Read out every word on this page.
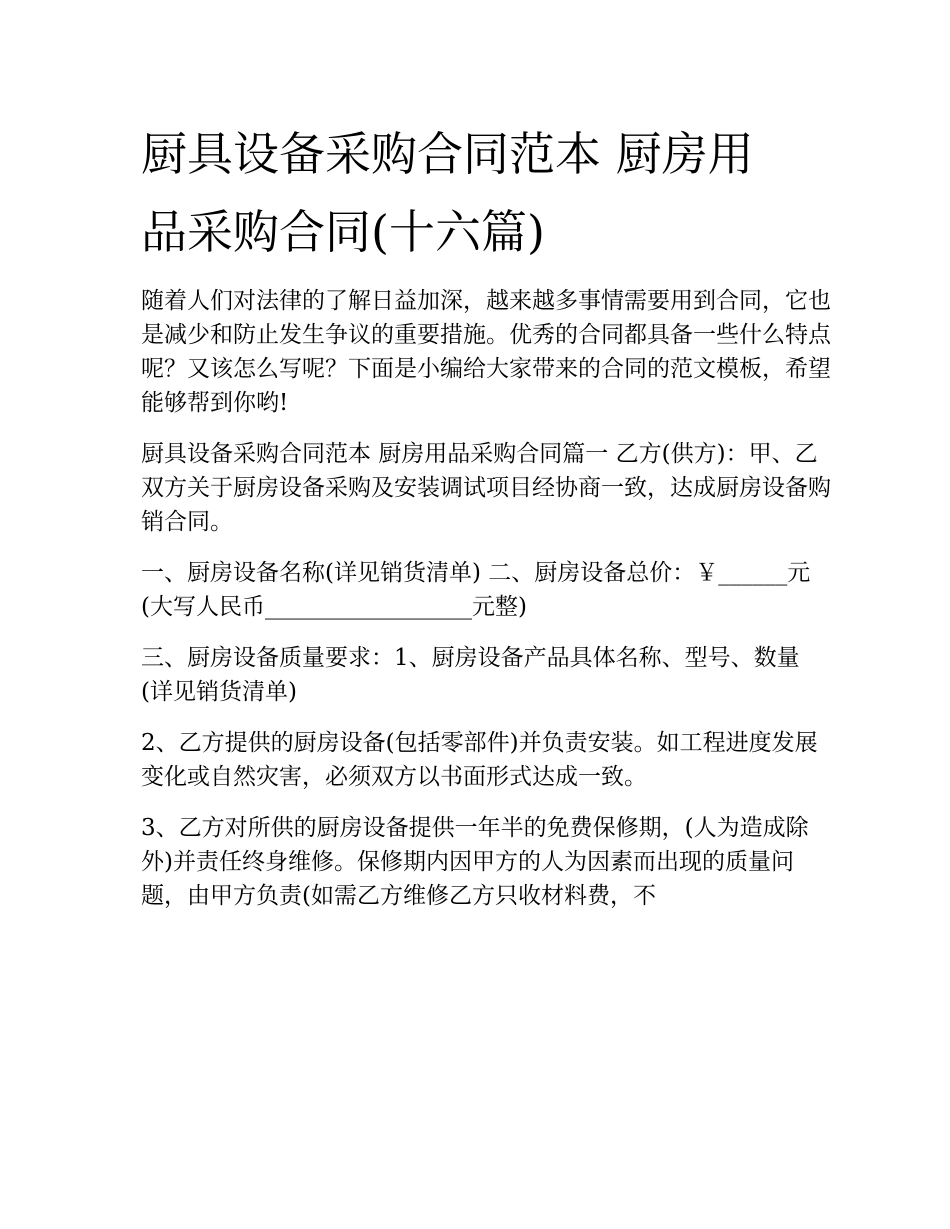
厨具设备采购合同范本 厨房用
品采购合同(十六篇)

随着人们对法律的了解日益加深，越来越多事情需要用到合同，它也是减少和防止发生争议的重要措施。优秀的合同都具备一些什么特点呢？又该怎么写呢？下面是小编给大家带来的合同的范文模板，希望能够帮到你哟!

厨具设备采购合同范本 厨房用品采购合同篇一 乙方(供方)：甲、乙双方关于厨房设备采购及安装调试项目经协商一致，达成厨房设备购销合同。

一、厨房设备名称(详见销货清单) 二、厨房设备总价：￥______元(大写人民币__________________元整)

三、厨房设备质量要求：1、厨房设备产品具体名称、型号、数量(详见销货清单)

2、乙方提供的厨房设备(包括零部件)并负责安装。如工程进度发展变化或自然灾害，必须双方以书面形式达成一致。

3、乙方对所供的厨房设备提供一年半的免费保修期，(人为造成除外)并责任终身维修。保修期内因甲方的人为因素而出现的质量问题，由甲方负责(如需乙方维修乙方只收材料费，不
